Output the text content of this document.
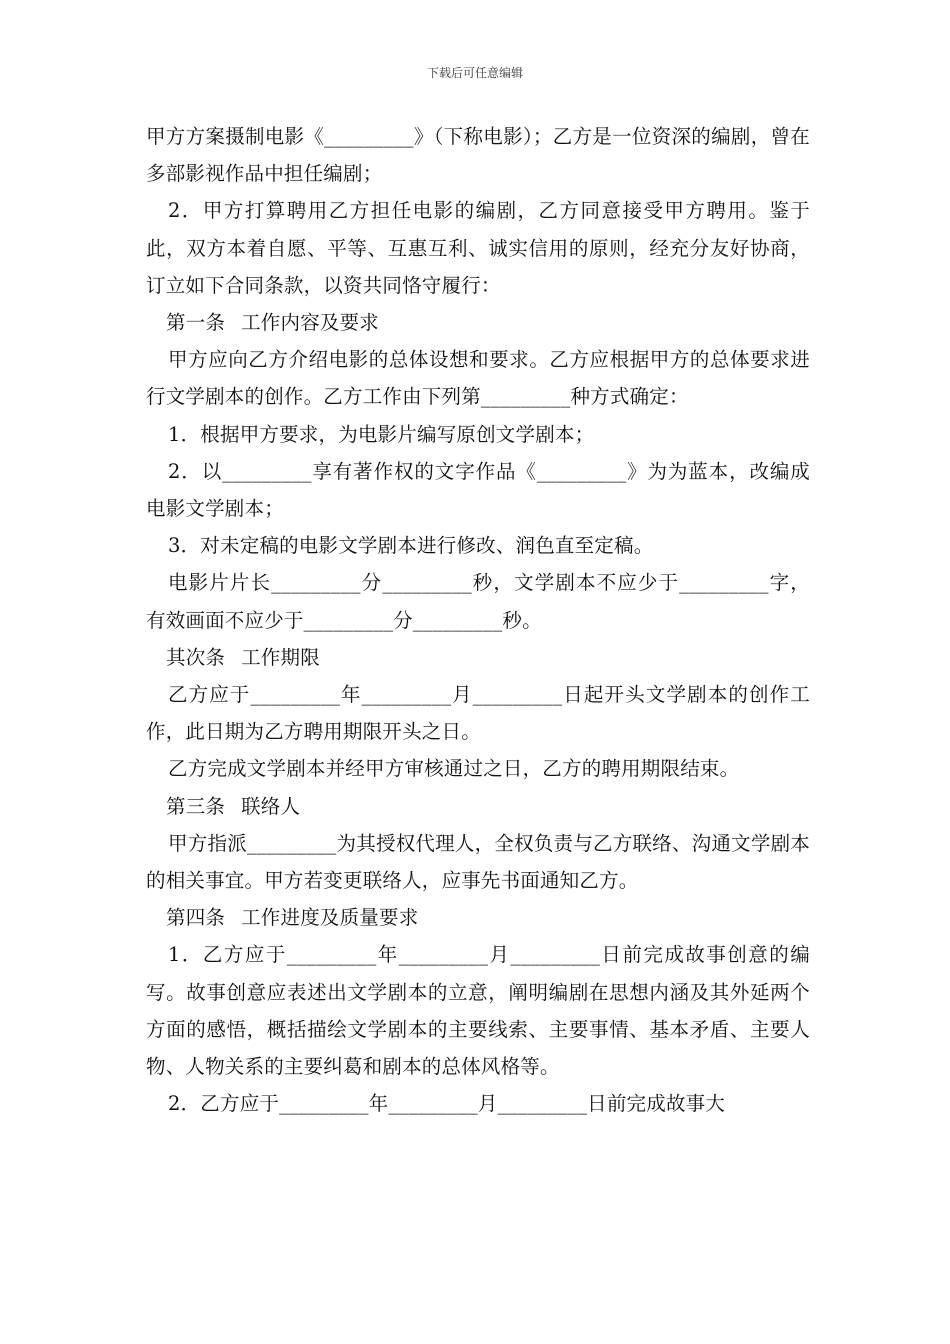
下载后可任意编辑

甲方方案摄制电影《_________》（下称电影）；乙方是一位资深的编剧，曾在多部影视作品中担任编剧；

2．甲方打算聘用乙方担任电影的编剧，乙方同意接受甲方聘用。鉴于此，双方本着自愿、平等、互惠互利、诚实信用的原则，经充分友好协商，订立如下合同条款，以资共同恪守履行：

第一条 工作内容及要求

甲方应向乙方介绍电影的总体设想和要求。乙方应根据甲方的总体要求进行文学剧本的创作。乙方工作由下列第_________种方式确定：

1．根据甲方要求，为电影片编写原创文学剧本；

2．以_________享有著作权的文字作品《_________》为为蓝本，改编成电影文学剧本；

3．对未定稿的电影文学剧本进行修改、润色直至定稿。

电影片片长_________分_________秒，文学剧本不应少于_________字，有效画面不应少于_________分_________秒。

其次条 工作期限

乙方应于_________年_________月_________日起开头文学剧本的创作工作，此日期为乙方聘用期限开头之日。

乙方完成文学剧本并经甲方审核通过之日，乙方的聘用期限结束。

第三条 联络人

甲方指派_________为其授权代理人，全权负责与乙方联络、沟通文学剧本的相关事宜。甲方若变更联络人，应事先书面通知乙方。

第四条 工作进度及质量要求

1．乙方应于_________年_________月_________日前完成故事创意的编写。故事创意应表述出文学剧本的立意，阐明编剧在思想内涵及其外延两个方面的感悟，概括描绘文学剧本的主要线索、主要事情、基本矛盾、主要人物、人物关系的主要纠葛和剧本的总体风格等。

2．乙方应于_________年_________月_________日前完成故事大
